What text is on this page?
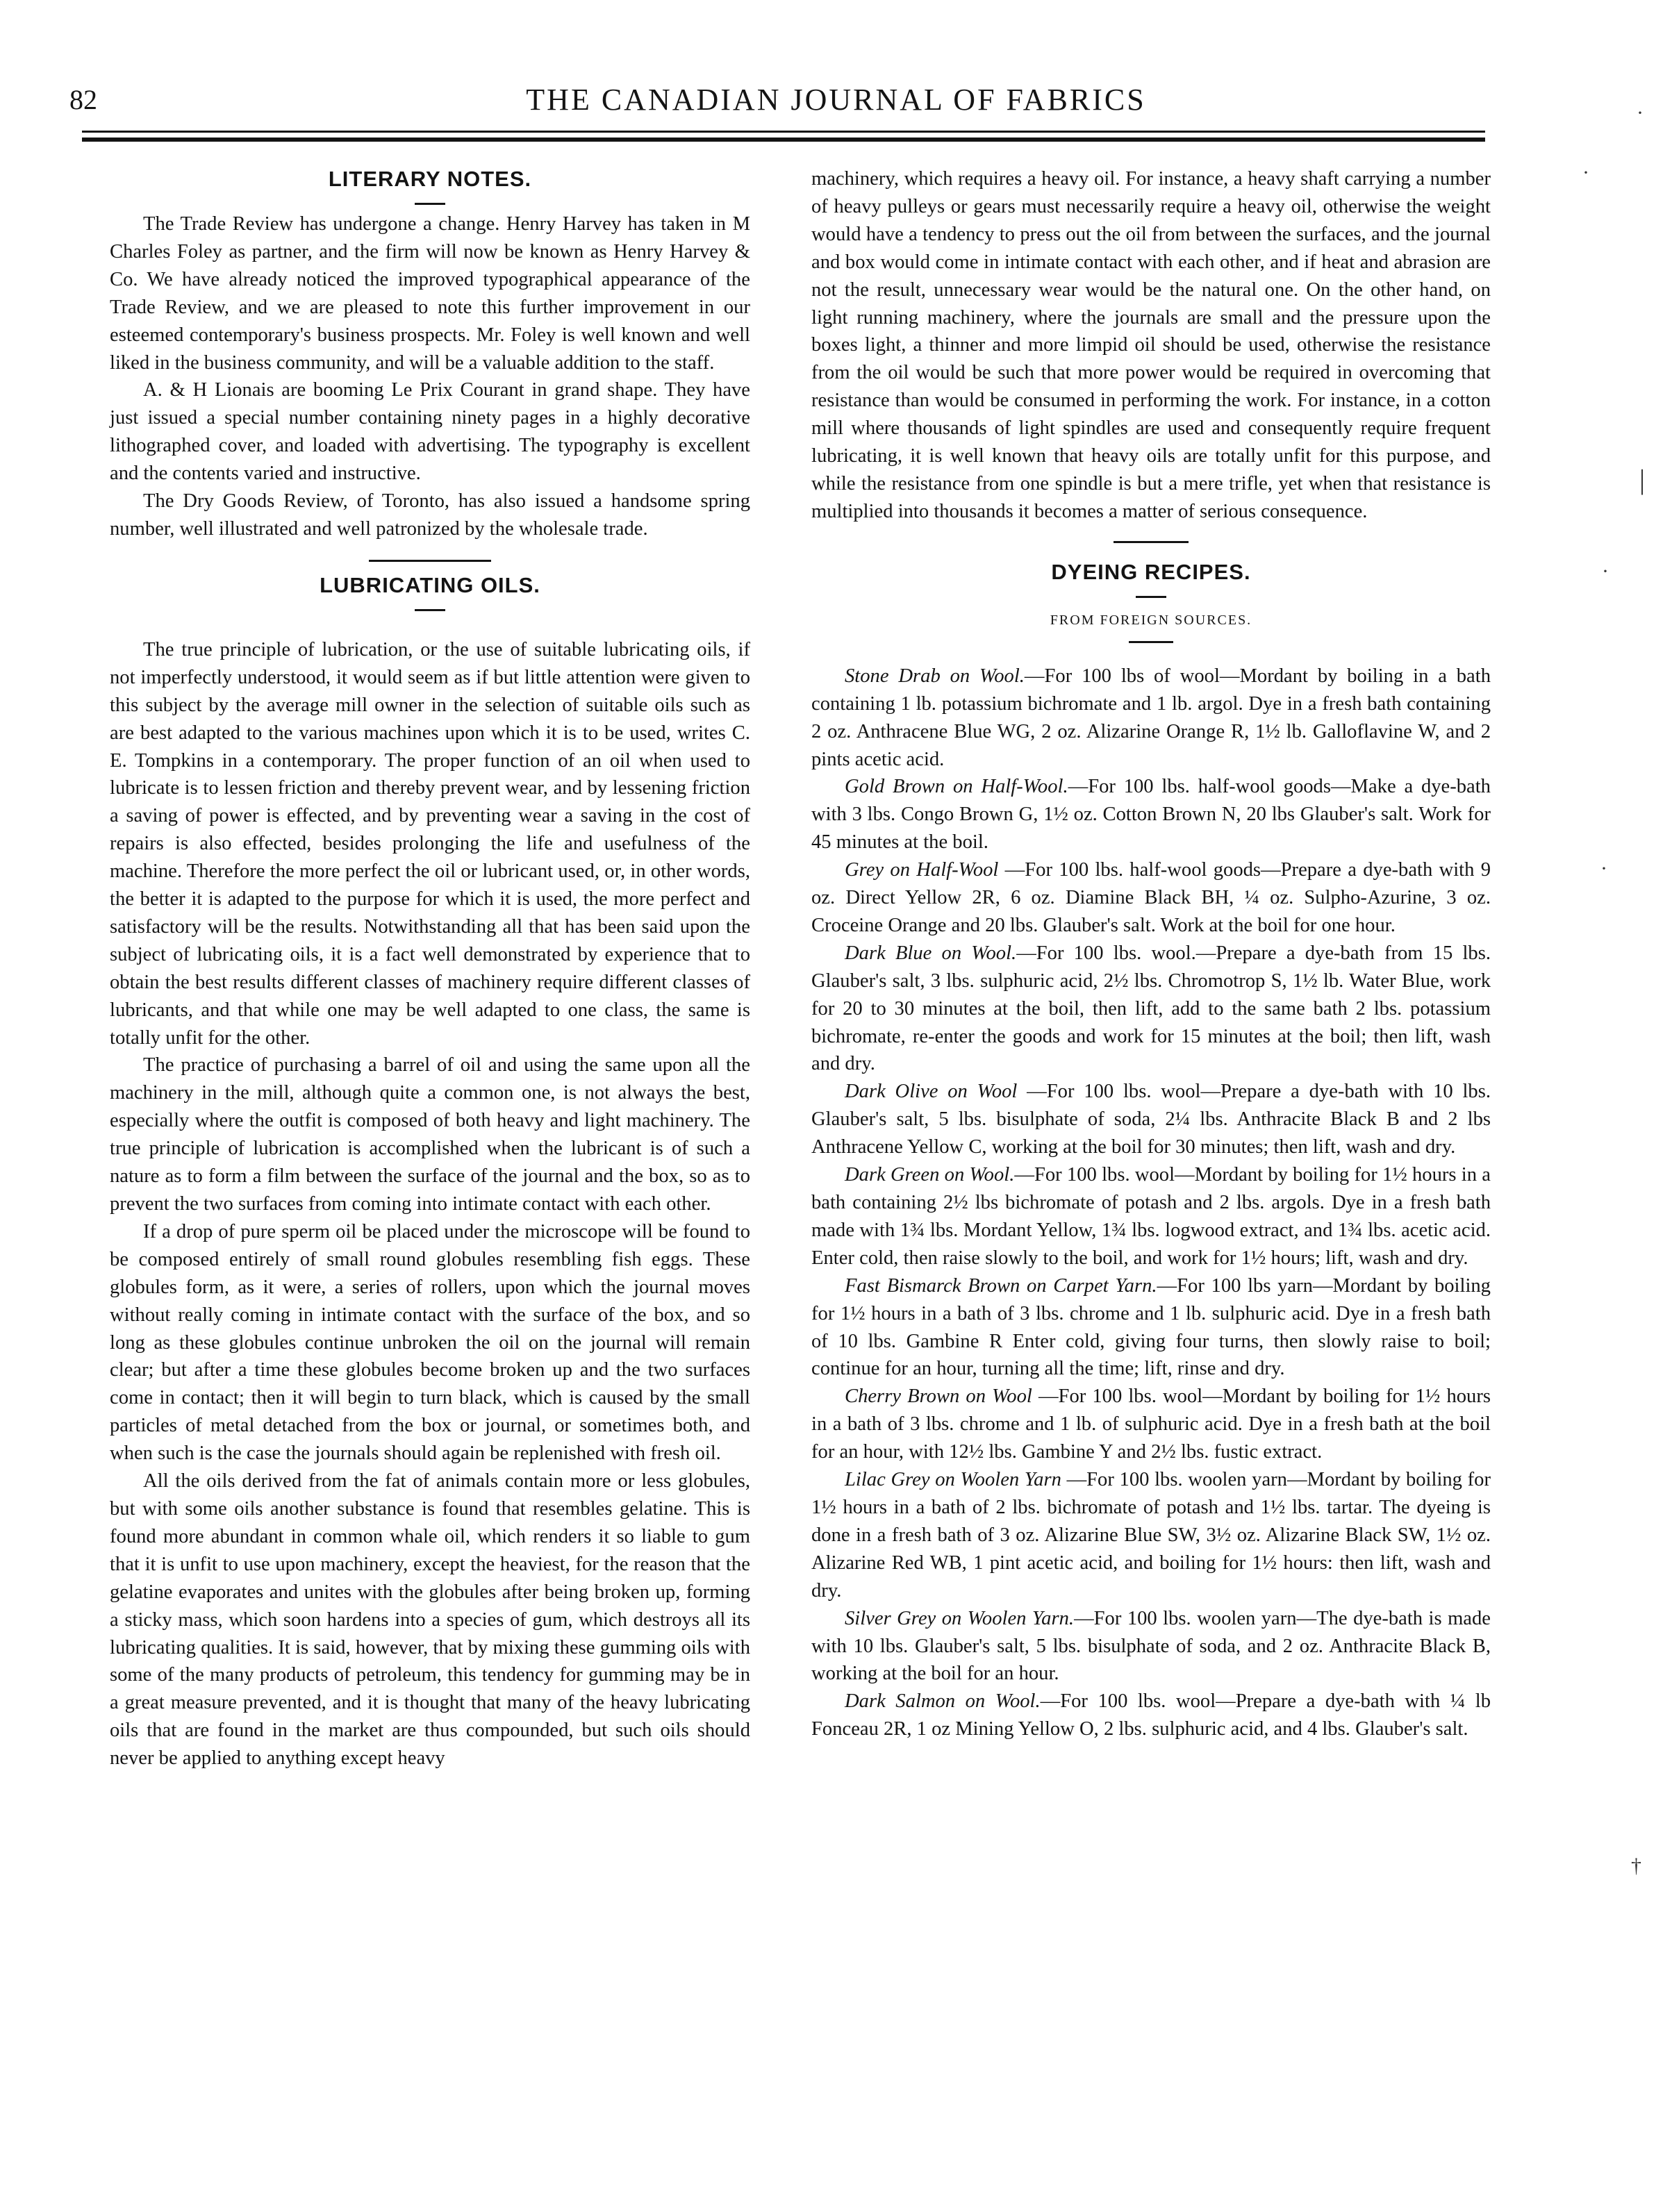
82	THE CANADIAN JOURNAL OF FABRICS
LITERARY NOTES.

The Trade Review has undergone a change. Henry Harvey has taken in M Charles Foley as partner, and the firm will now be known as Henry Harvey & Co. We have already noticed the improved typographical appearance of the Trade Review, and we are pleased to note this further improvement in our esteemed contemporary's business prospects. Mr. Foley is well known and well liked in the business community, and will be a valuable addition to the staff.

A. & H Lionais are booming Le Prix Courant in grand shape. They have just issued a special number containing ninety pages in a highly decorative lithographed cover, and loaded with advertising. The typography is excellent and the contents varied and instructive.

The Dry Goods Review, of Toronto, has also issued a handsome spring number, well illustrated and well patronized by the wholesale trade.

LUBRICATING OILS.

The true principle of lubrication, or the use of suitable lubricating oils, if not imperfectly understood, it would seem as if but little attention were given to this subject by the average mill owner in the selection of suitable oils such as are best adapted to the various machines upon which it is to be used, writes C. E. Tompkins in a contemporary. The proper function of an oil when used to lubricate is to lessen friction and thereby prevent wear, and by lessening friction a saving of power is effected, and by preventing wear a saving in the cost of repairs is also effected, besides prolonging the life and usefulness of the machine. Therefore the more perfect the oil or lubricant used, or, in other words, the better it is adapted to the purpose for which it is used, the more perfect and satisfactory will be the results. Notwithstanding all that has been said upon the subject of lubricating oils, it is a fact well demonstrated by experience that to obtain the best results different classes of machinery require different classes of lubricants, and that while one may be well adapted to one class, the same is totally unfit for the other.

The practice of purchasing a barrel of oil and using the same upon all the machinery in the mill, although quite a common one, is not always the best, especially where the outfit is composed of both heavy and light machinery. The true principle of lubrication is accomplished when the lubricant is of such a nature as to form a film between the surface of the journal and the box, so as to prevent the two surfaces from coming into intimate contact with each other.

If a drop of pure sperm oil be placed under the microscope will be found to be composed entirely of small round globules resembling fish eggs. These globules form, as it were, a series of rollers, upon which the journal moves without really coming in intimate contact with the surface of the box, and so long as these globules continue unbroken the oil on the journal will remain clear; but after a time these globules become broken up and the two surfaces come in contact; then it will begin to turn black, which is caused by the small particles of metal detached from the box or journal, or sometimes both, and when such is the case the journals should again be replenished with fresh oil.

All the oils derived from the fat of animals contain more or less globules, but with some oils another substance is found that resembles gelatine. This is found more abundant in common whale oil, which renders it so liable to gum that it is unfit to use upon machinery, except the heaviest, for the reason that the gelatine evaporates and unites with the globules after being broken up, forming a sticky mass, which soon hardens into a species of gum, which destroys all its lubricating qualities. It is said, however, that by mixing these gumming oils with some of the many products of petroleum, this tendency for gumming may be in a great measure prevented, and it is thought that many of the heavy lubricating oils that are found in the market are thus compounded, but such oils should never be applied to anything except heavy

machinery, which requires a heavy oil. For instance, a heavy shaft carrying a number of heavy pulleys or gears must necessarily require a heavy oil, otherwise the weight would have a tendency to press out the oil from between the surfaces, and the journal and box would come in intimate contact with each other, and if heat and abrasion are not the result, unnecessary wear would be the natural one. On the other hand, on light running machinery, where the journals are small and the pressure upon the boxes light, a thinner and more limpid oil should be used, otherwise the resistance from the oil would be such that more power would be required in overcoming that resistance than would be consumed in performing the work. For instance, in a cotton mill where thousands of light spindles are used and consequently require frequent lubricating, it is well known that heavy oils are totally unfit for this purpose, and while the resistance from one spindle is but a mere trifle, yet when that resistance is multiplied into thousands it becomes a matter of serious consequence.

DYEING RECIPES.

FROM FOREIGN SOURCES.

Stone Drab on Wool.—For 100 lbs of wool—Mordant by boiling in a bath containing 1 lb. potassium bichromate and 1 lb. argol. Dye in a fresh bath containing 2 oz. Anthracene Blue WG, 2 oz. Alizarine Orange R, 1½ lb. Galloflavine W, and 2 pints acetic acid.

Gold Brown on Half-Wool.—For 100 lbs. half-wool goods—Make a dye-bath with 3 lbs. Congo Brown G, 1½ oz. Cotton Brown N, 20 lbs Glauber's salt. Work for 45 minutes at the boil.

Grey on Half-Wool —For 100 lbs. half-wool goods—Prepare a dye-bath with 9 oz. Direct Yellow 2R, 6 oz. Diamine Black BH, ¼ oz. Sulpho-Azurine, 3 oz. Croceine Orange and 20 lbs. Glauber's salt. Work at the boil for one hour.

Dark Blue on Wool.—For 100 lbs. wool.—Prepare a dye-bath from 15 lbs. Glauber's salt, 3 lbs. sulphuric acid, 2½ lbs. Chromotrop S, 1½ lb. Water Blue, work for 20 to 30 minutes at the boil, then lift, add to the same bath 2 lbs. potassium bichromate, re-enter the goods and work for 15 minutes at the boil; then lift, wash and dry.

Dark Olive on Wool —For 100 lbs. wool—Prepare a dye-bath with 10 lbs. Glauber's salt, 5 lbs. bisulphate of soda, 2¼ lbs. Anthracite Black B and 2 lbs Anthracene Yellow C, working at the boil for 30 minutes; then lift, wash and dry.

Dark Green on Wool.—For 100 lbs. wool—Mordant by boiling for 1½ hours in a bath containing 2½ lbs bichromate of potash and 2 lbs. argols. Dye in a fresh bath made with 1¾ lbs. Mordant Yellow, 1¾ lbs. logwood extract, and 1¾ lbs. acetic acid. Enter cold, then raise slowly to the boil, and work for 1½ hours; lift, wash and dry.

Fast Bismarck Brown on Carpet Yarn.—For 100 lbs yarn—Mordant by boiling for 1½ hours in a bath of 3 lbs. chrome and 1 lb. sulphuric acid. Dye in a fresh bath of 10 lbs. Gambine R Enter cold, giving four turns, then slowly raise to boil; continue for an hour, turning all the time; lift, rinse and dry.

Cherry Brown on Wool —For 100 lbs. wool—Mordant by boiling for 1½ hours in a bath of 3 lbs. chrome and 1 lb. of sulphuric acid. Dye in a fresh bath at the boil for an hour, with 12½ lbs. Gambine Y and 2½ lbs. fustic extract.

Lilac Grey on Woolen Yarn —For 100 lbs. woolen yarn—Mordant by boiling for 1½ hours in a bath of 2 lbs. bichromate of potash and 1½ lbs. tartar. The dyeing is done in a fresh bath of 3 oz. Alizarine Blue SW, 3½ oz. Alizarine Black SW, 1½ oz. Alizarine Red WB, 1 pint acetic acid, and boiling for 1½ hours: then lift, wash and dry.

Silver Grey on Woolen Yarn.—For 100 lbs. woolen yarn—The dye-bath is made with 10 lbs. Glauber's salt, 5 lbs. bisulphate of soda, and 2 oz. Anthracite Black B, working at the boil for an hour.

Dark Salmon on Wool.—For 100 lbs. wool—Prepare a dye-bath with ¼ lb Fonceau 2R, 1 oz Mining Yellow O, 2 lbs. sulphuric acid, and 4 lbs. Glauber's salt.

·
·
|
·
·
†
